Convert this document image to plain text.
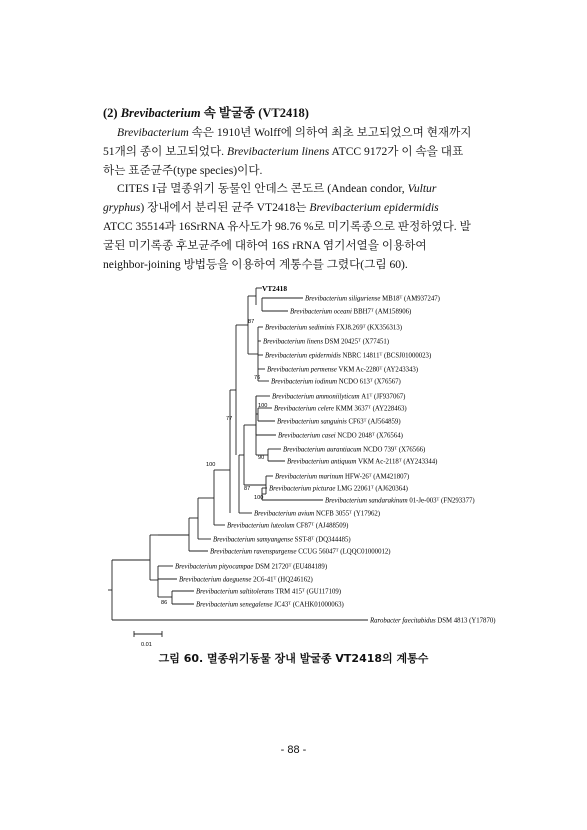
(2) Brevibacterium 속 발굴종 (VT2418)
Brevibacterium 속은 1910년 Wolff에 의하여 최초 보고되었으며 현재까지
51개의 종이 보고되었다. Brevibacterium linens ATCC 9172가 이 속을 대표
하는 표준균주(type species)이다.
CITES I급 멸종위기 동물인 안데스 콘도르 (Andean condor, Vultur
gryphus) 장내에서 분리된 균주 VT2418는 Brevibacterium epidermidis
ATCC 35514과 16SrRNA 유사도가 98.76 %로 미기록종으로 판정하였다. 발
굴된 미기록종 후보균주에 대하여 16S rRNA 염기서열을 이용하여
neighbor-joining 방법등을 이용하여 계통수를 그렸다(그림 60).
VT2418
Brevibacterium siliguriense $MB18^T$ (AM937247)
Brevibacterium oceani $BBH7^T$ (AM158906)
Brevibacterium sediminis $FXJ8.269^T$ (KX356313)
Brevibacterium linens DSM $20425^T$ (X77451)
Brevibacterium epidermidis NBRC $14811^T$ (BCSJ01000023)
Brevibacterium permense VKM $Ac-2280^T$ (AY243343)
Brevibacterium iodinum NCDO $613^T$ (X76567)
Brevibacterium ammoniilyticum $A1^T$ (JF937067)
Brevibacterium celere KMM $3637^T$ (AY228463)
Brevibacterium sanguinis $CF63^T$ (AJ564859)
Brevibacterium casei NCDO $2048^T$ (X76564)
Brevibacterium aurantiacum NCDO $739^T$ (X76566)
Brevibacterium antiquum VKM $Ac-2118^T$ (AY243344)
Brevibacterium marinum HFW-$26^T$ (AM421807)
Brevibacterium picturae LMG $22061^T$ (AJ620364)
Brevibacterium sandarakinum $01-Je-003^T$ (FN293377)
Brevibacterium avium NCFB $3055^T$ (Y17962)
Brevibacterium luteolum $CF87^T$ (AJ488509)
Brevibacterium samyangense SST-$8^T$ (DQ344485)
Brevibacterium ravenspurgense CCUG $56047^T$ (LQQC01000012)
Brevibacterium pityocampae DSM $21720^T$ (EU484189)
Brevibacterium daeguense $2C6-41^T$ (HQ246162)
Brevibacterium saltitolerans TRM $415^T$ (GU117109)
Brevibacterium senegalense $JC43^T$ (CAHK01000063)
Rarobacter faecitabidus DSM 4813 (Y17870)
87
76
100
77
90
100
87
100
86
0.01
그림 60. 멸종위기동물 장내 발굴종 VT2418의 계통수
- 88 -
